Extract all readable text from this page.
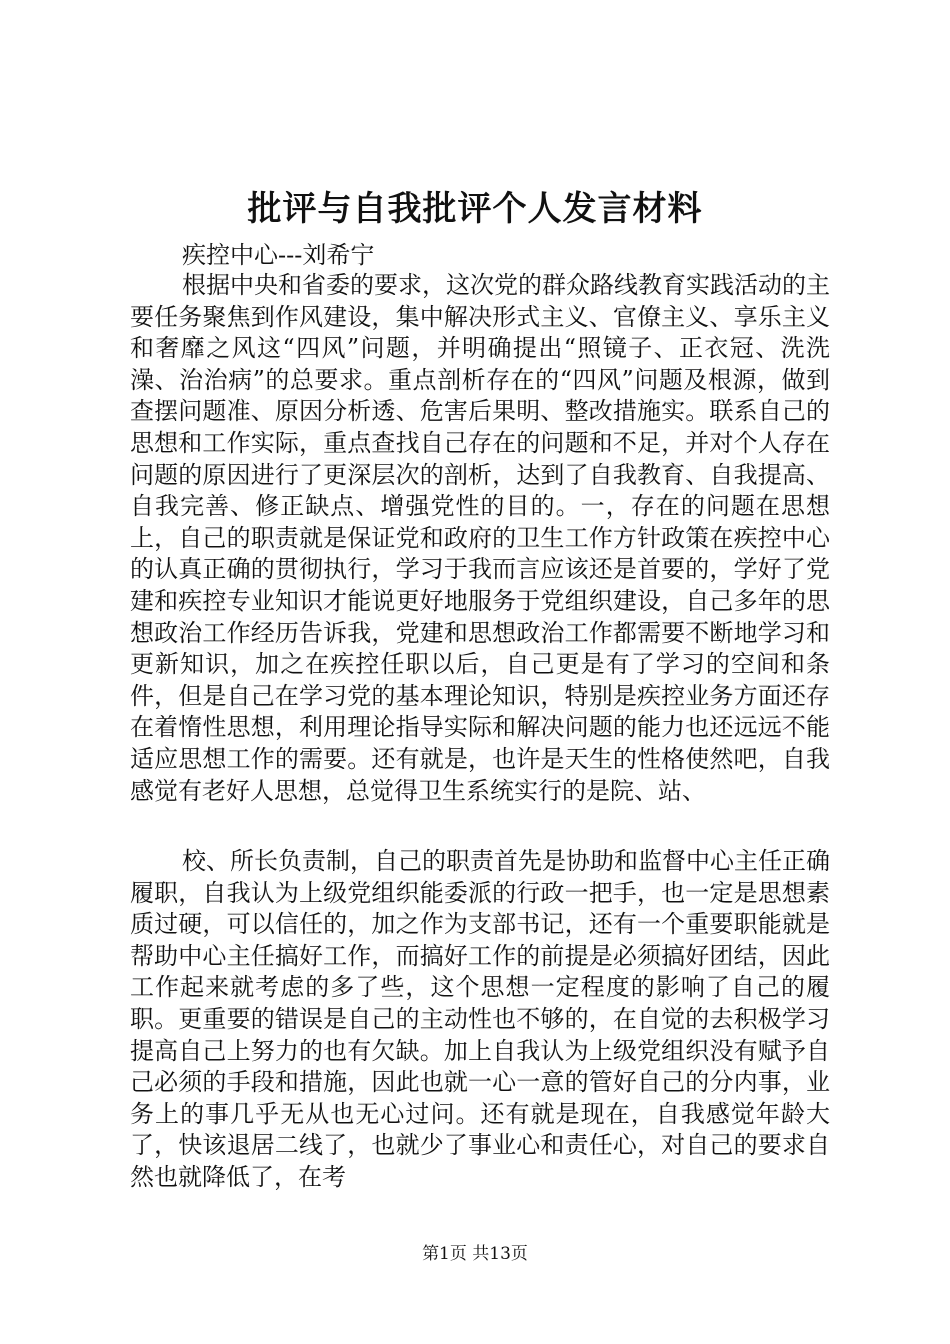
批评与自我批评个人发言材料
疾控中心---刘希宁
根据中央和省委的要求，这次党的群众路线教育实践活动的主要任务聚焦到作风建设，集中解决形式主义、官僚主义、享乐主义和奢靡之风这“四风”问题，并明确提出“照镜子、正衣冠、洗洗澡、治治病”的总要求。重点剖析存在的“四风”问题及根源，做到查摆问题准、原因分析透、危害后果明、整改措施实。联系自己的思想和工作实际，重点查找自己存在的问题和不足，并对个人存在问题的原因进行了更深层次的剖析，达到了自我教育、自我提高、自我完善、修正缺点、增强党性的目的。一，存在的问题在思想上，自己的职责就是保证党和政府的卫生工作方针政策在疾控中心的认真正确的贯彻执行，学习于我而言应该还是首要的，学好了党建和疾控专业知识才能说更好地服务于党组织建设，自己多年的思想政治工作经历告诉我，党建和思想政治工作都需要不断地学习和更新知识，加之在疾控任职以后，自己更是有了学习的空间和条件，但是自己在学习党的基本理论知识，特别是疾控业务方面还存在着惰性思想，利用理论指导实际和解决问题的能力也还远远不能适应思想工作的需要。还有就是，也许是天生的性格使然吧，自我感觉有老好人思想，总觉得卫生系统实行的是院、站、
校、所长负责制，自己的职责首先是协助和监督中心主任正确履职，自我认为上级党组织能委派的行政一把手，也一定是思想素质过硬，可以信任的，加之作为支部书记，还有一个重要职能就是帮助中心主任搞好工作，而搞好工作的前提是必须搞好团结，因此工作起来就考虑的多了些，这个思想一定程度的影响了自己的履职。更重要的错误是自己的主动性也不够的，在自觉的去积极学习提高自己上努力的也有欠缺。加上自我认为上级党组织没有赋予自己必须的手段和措施，因此也就一心一意的管好自己的分内事，业务上的事几乎无从也无心过问。还有就是现在，自我感觉年龄大了，快该退居二线了，也就少了事业心和责任心，对自己的要求自然也就降低了，在考
第1页 共13页
